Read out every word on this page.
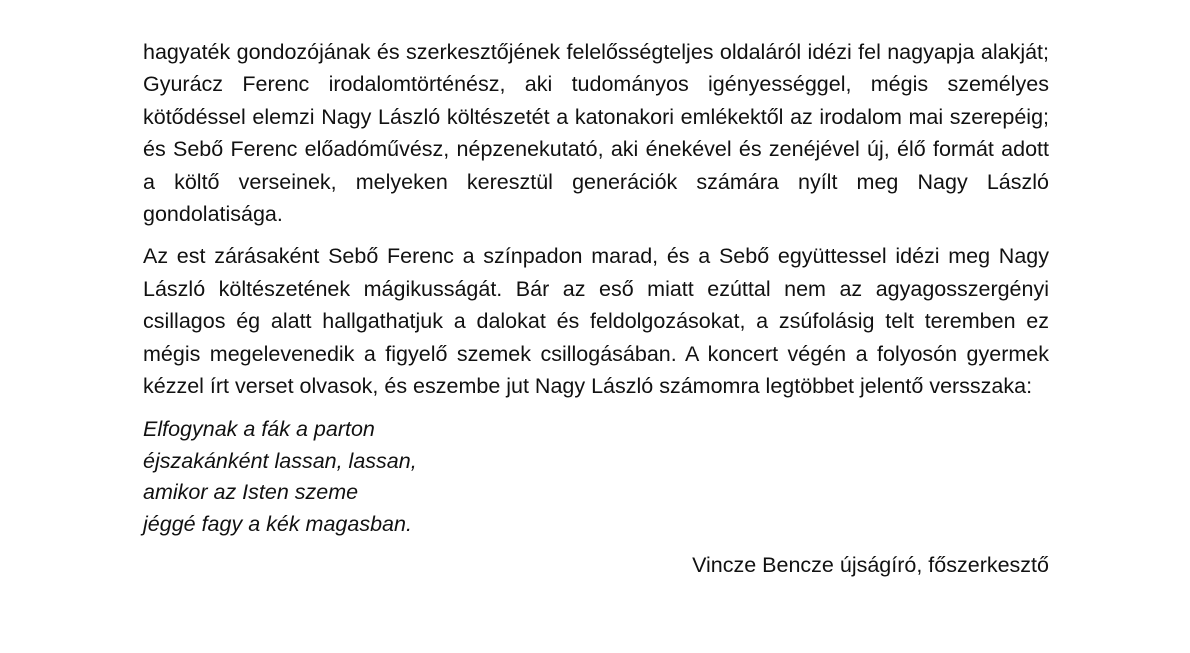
hagyaték gondozójának és szerkesztőjének felelősségteljes oldaláról idézi fel nagyapja alakját; Gyurácz Ferenc irodalomtörténész, aki tudományos igényességgel, mégis személyes kötődéssel elemzi Nagy László költészetét a katonakori emlékektől az irodalom mai szerepéig; és Sebő Ferenc előadóművész, népzenekutató, aki énekével és zenéjével új, élő formát adott a költő verseinek, melyeken keresztül generációk számára nyílt meg Nagy László gondolatisága.

Az est zárásaként Sebő Ferenc a színpadon marad, és a Sebő együttessel idézi meg Nagy László költészetének mágikusságát. Bár az eső miatt ezúttal nem az agyagosszergényi csillagos ég alatt hallgathatjuk a dalokat és feldolgozásokat, a zsúfolásig telt teremben ez mégis megelevenedik a figyelő szemek csillogásában. A koncert végén a folyosón gyermek kézzel írt verset olvasok, és eszembe jut Nagy László számomra legtöbbet jelentő versszaka:

Elfogynak a fák a parton
éjszakánként lassan, lassan,
amikor az Isten szeme
jéggé fagy a kék magasban.
Vincze Bencze újságíró, főszerkesztő
